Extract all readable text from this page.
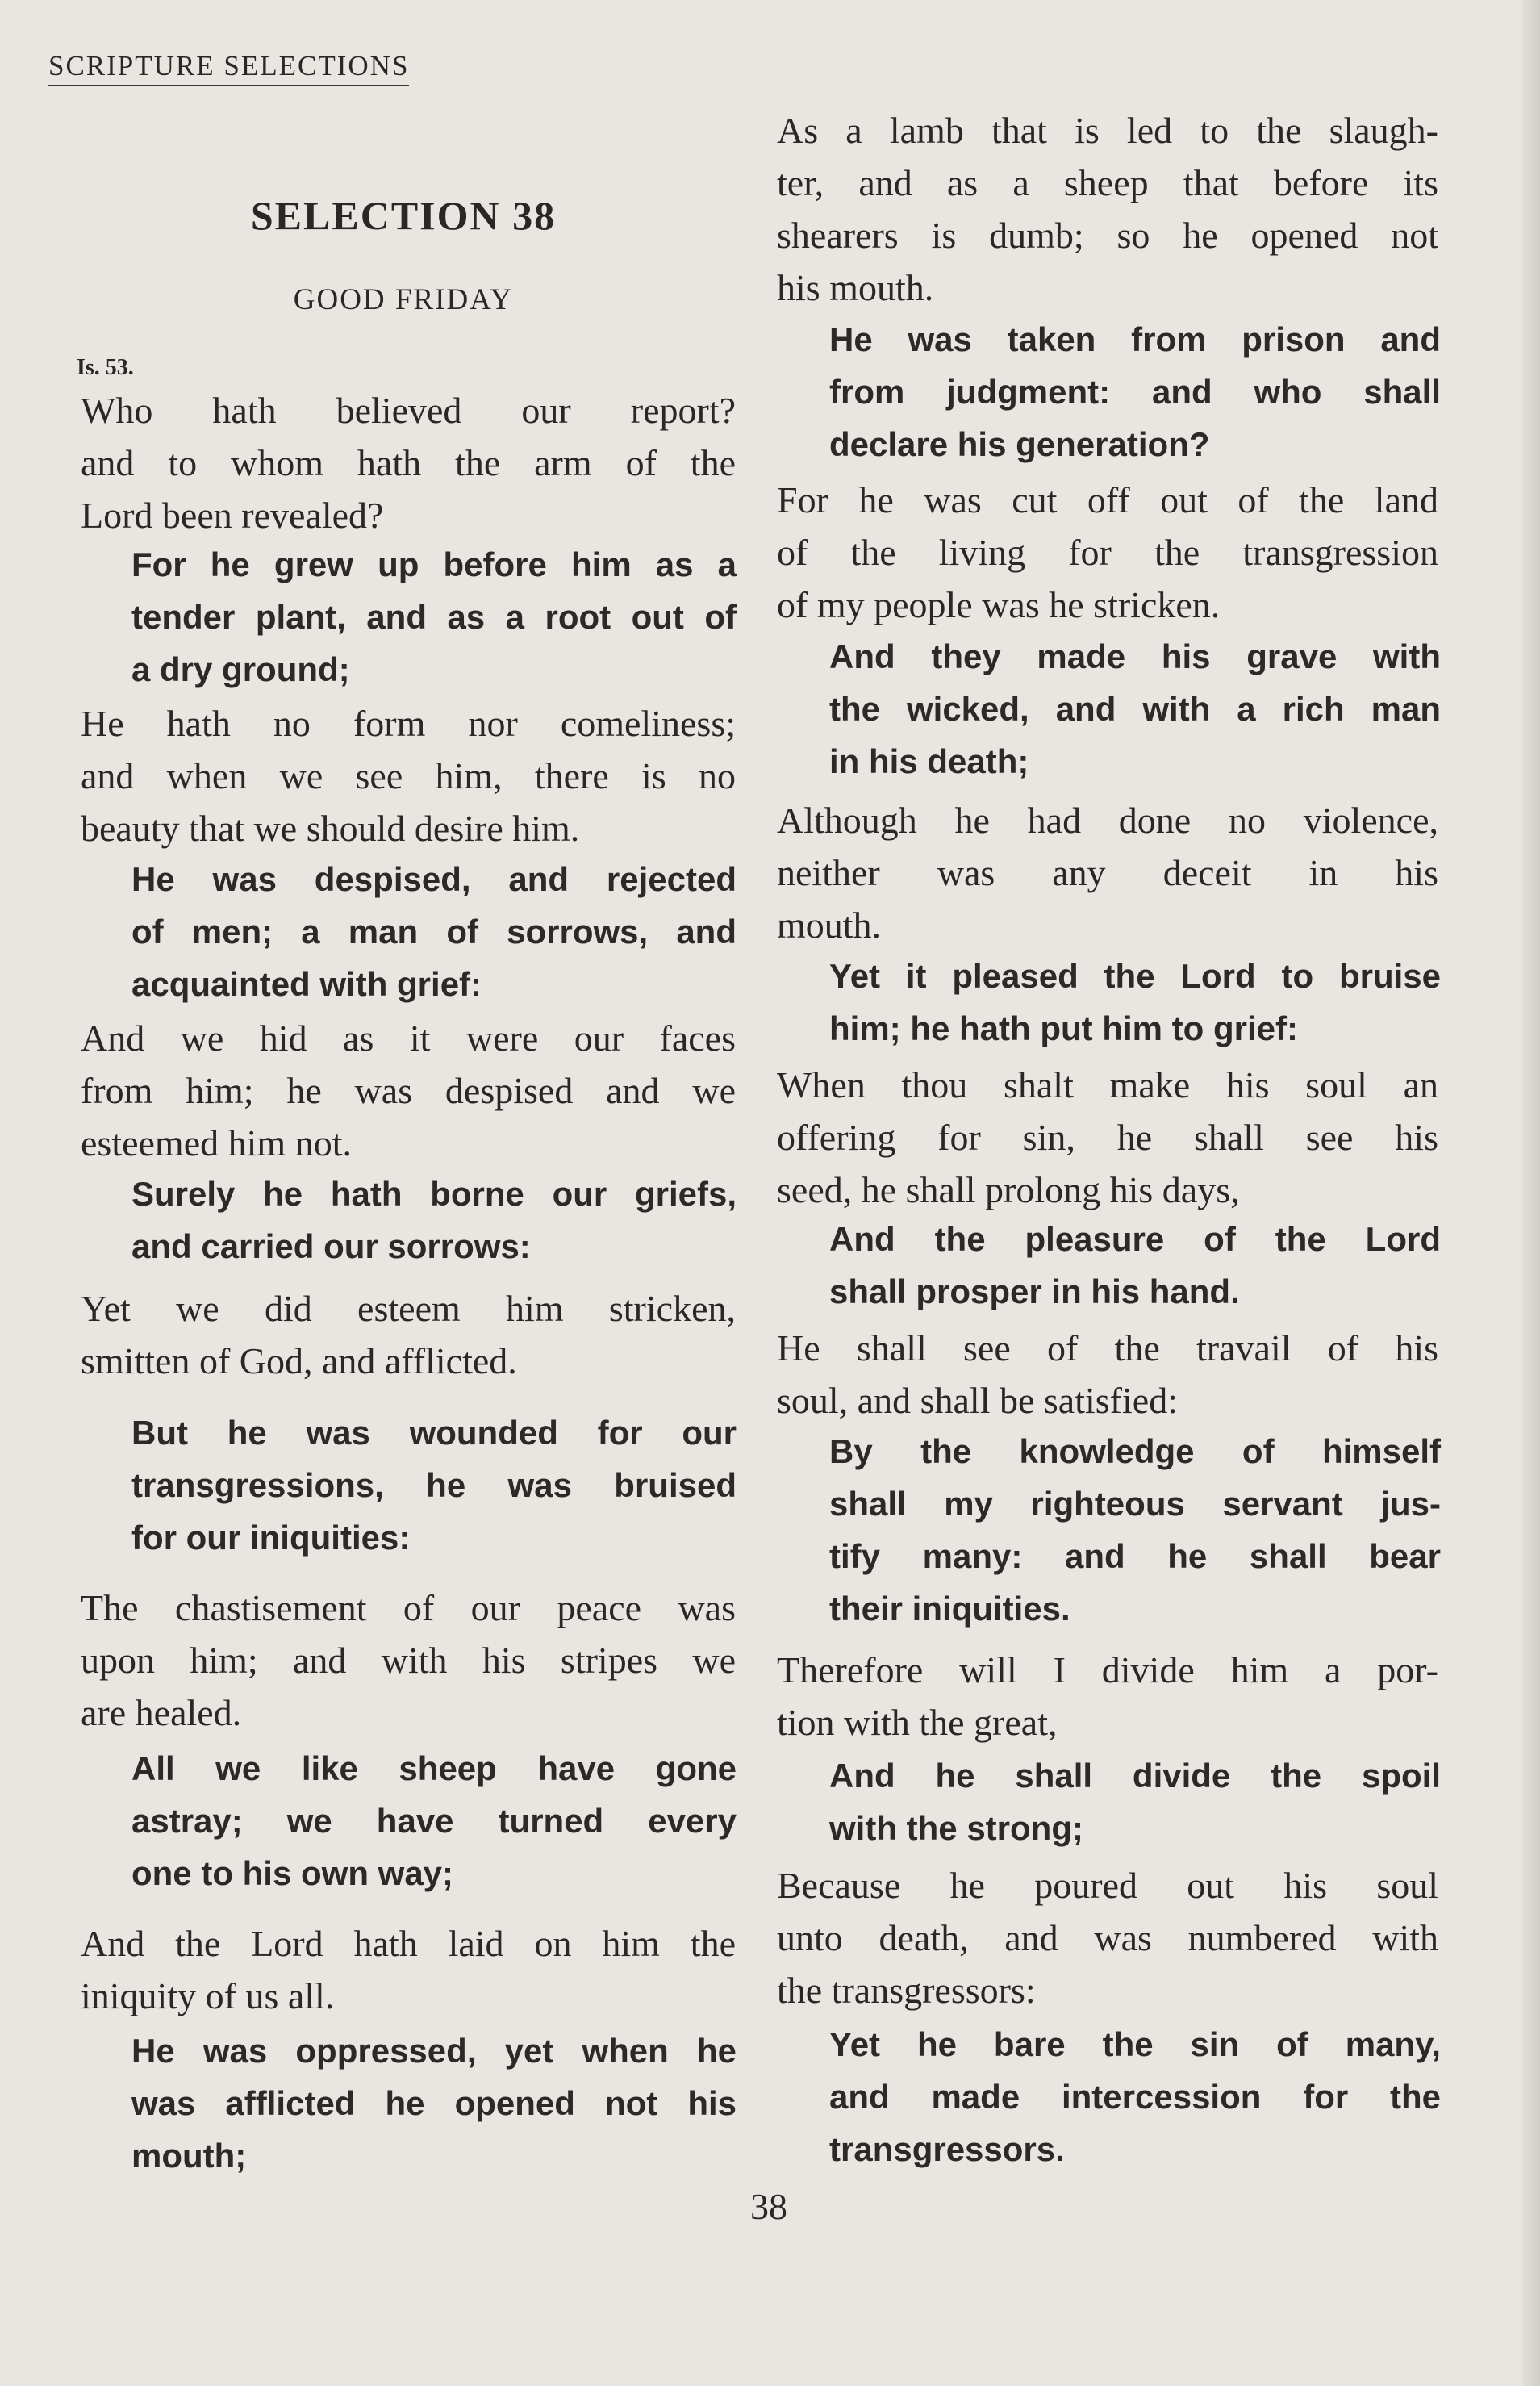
SCRIPTURE SELECTIONS
SELECTION 38
GOOD FRIDAY
Is. 53.
Who hath believed our report?
and to whom hath the arm of the
Lord been revealed?
For he grew up before him as a
tender plant, and as a root out of
a dry ground;
He hath no form nor comeliness;
and when we see him, there is no
beauty that we should desire him.
He was despised, and rejected
of men; a man of sorrows, and
acquainted with grief:
And we hid as it were our faces
from him; he was despised and we
esteemed him not.
Surely he hath borne our griefs,
and carried our sorrows:
Yet we did esteem him stricken,
smitten of God, and afflicted.
But he was wounded for our
transgressions, he was bruised
for our iniquities:
The chastisement of our peace was
upon him; and with his stripes we
are healed.
All we like sheep have gone
astray; we have turned every
one to his own way;
And the Lord hath laid on him the
iniquity of us all.
He was oppressed, yet when he
was afflicted he opened not his
mouth;
As a lamb that is led to the slaugh-
ter, and as a sheep that before its
shearers is dumb; so he opened not
his mouth.
He was taken from prison and
from judgment: and who shall
declare his generation?
For he was cut off out of the land
of the living for the transgression
of my people was he stricken.
And they made his grave with
the wicked, and with a rich man
in his death;
Although he had done no violence,
neither was any deceit in his
mouth.
Yet it pleased the Lord to bruise
him; he hath put him to grief:
When thou shalt make his soul an
offering for sin, he shall see his
seed, he shall prolong his days,
And the pleasure of the Lord
shall prosper in his hand.
He shall see of the travail of his
soul, and shall be satisfied:
By the knowledge of himself
shall my righteous servant jus-
tify many: and he shall bear
their iniquities.
Therefore will I divide him a por-
tion with the great,
And he shall divide the spoil
with the strong;
Because he poured out his soul
unto death, and was numbered with
the transgressors:
Yet he bare the sin of many,
and made intercession for the
transgressors.
38
